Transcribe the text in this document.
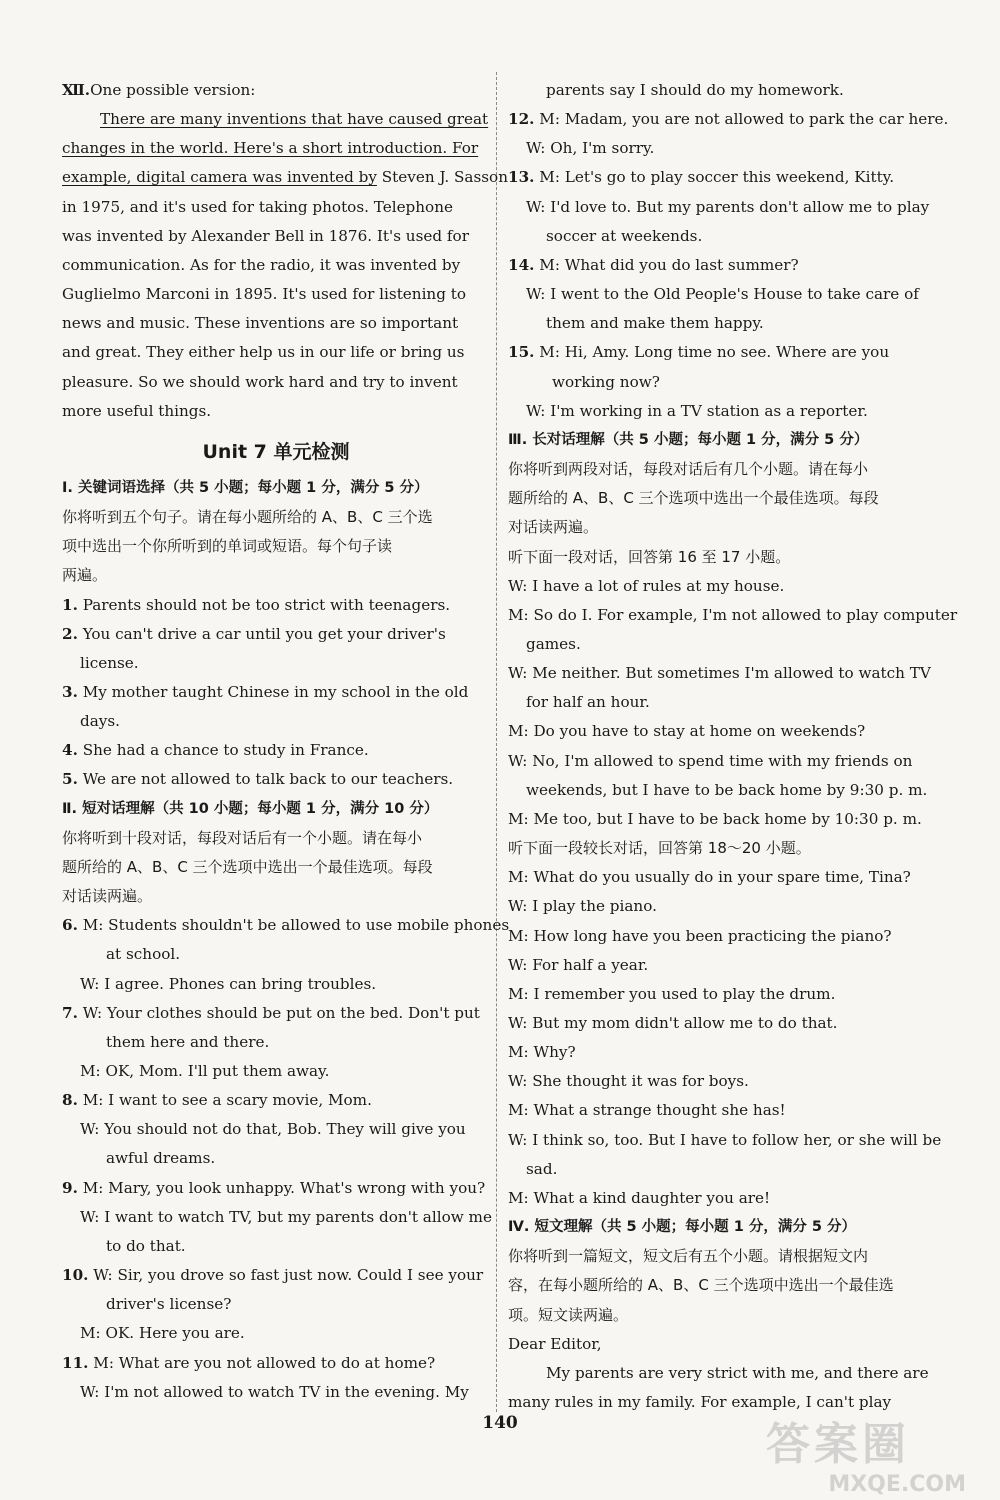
Ⅻ.One possible version:
There are many inventions that have caused great
changes in the world. Here's a short introduction. For
example, digital camera was invented by Steven J. Sasson
in 1975, and it's used for taking photos. Telephone
was invented by Alexander Bell in 1876. It's used for
communication. As for the radio, it was invented by
Guglielmo Marconi in 1895. It's used for listening to
news and music. These inventions are so important
and great. They either help us in our life or bring us
pleasure. So we should work hard and try to invent
more useful things.
Unit 7 单元检测
Ⅰ. 关键词语选择（共 5 小题；每小题 1 分，满分 5 分）
你将听到五个句子。请在每小题所给的 A、B、C 三个选
项中选出一个你所听到的单词或短语。每个句子读
两遍。
1. Parents should not be too strict with teenagers.
2. You can't drive a car until you get your driver's
license.
3. My mother taught Chinese in my school in the old
days.
4. She had a chance to study in France.
5. We are not allowed to talk back to our teachers.
Ⅱ. 短对话理解（共 10 小题；每小题 1 分，满分 10 分）
你将听到十段对话，每段对话后有一个小题。请在每小
题所给的 A、B、C 三个选项中选出一个最佳选项。每段
对话读两遍。
6. M: Students shouldn't be allowed to use mobile phones
at school.
W: I agree. Phones can bring troubles.
7. W: Your clothes should be put on the bed. Don't put
them here and there.
M: OK, Mom. I'll put them away.
8. M: I want to see a scary movie, Mom.
W: You should not do that, Bob. They will give you
awful dreams.
9. M: Mary, you look unhappy. What's wrong with you?
W: I want to watch TV, but my parents don't allow me
to do that.
10. W: Sir, you drove so fast just now. Could I see your
driver's license?
M: OK. Here you are.
11. M: What are you not allowed to do at home?
W: I'm not allowed to watch TV in the evening. My
parents say I should do my homework.
12. M: Madam, you are not allowed to park the car here.
W: Oh, I'm sorry.
13. M: Let's go to play soccer this weekend, Kitty.
W: I'd love to. But my parents don't allow me to play
soccer at weekends.
14. M: What did you do last summer?
W: I went to the Old People's House to take care of
them and make them happy.
15. M: Hi, Amy. Long time no see. Where are you
working now?
W: I'm working in a TV station as a reporter.
Ⅲ. 长对话理解（共 5 小题；每小题 1 分，满分 5 分）
你将听到两段对话，每段对话后有几个小题。请在每小
题所给的 A、B、C 三个选项中选出一个最佳选项。每段
对话读两遍。
听下面一段对话，回答第 16 至 17 小题。
W: I have a lot of rules at my house.
M: So do I. For example, I'm not allowed to play computer
games.
W: Me neither. But sometimes I'm allowed to watch TV
for half an hour.
M: Do you have to stay at home on weekends?
W: No, I'm allowed to spend time with my friends on
weekends, but I have to be back home by 9:30 p. m.
M: Me too, but I have to be back home by 10:30 p. m.
听下面一段较长对话，回答第 18～20 小题。
M: What do you usually do in your spare time, Tina?
W: I play the piano.
M: How long have you been practicing the piano?
W: For half a year.
M: I remember you used to play the drum.
W: But my mom didn't allow me to do that.
M: Why?
W: She thought it was for boys.
M: What a strange thought she has!
W: I think so, too. But I have to follow her, or she will be
sad.
M: What a kind daughter you are!
Ⅳ. 短文理解（共 5 小题；每小题 1 分，满分 5 分）
你将听到一篇短文，短文后有五个小题。请根据短文内
容，在每小题所给的 A、B、C 三个选项中选出一个最佳选
项。短文读两遍。
Dear Editor,
My parents are very strict with me, and there are
many rules in my family. For example, I can't play
140	答案圈
MXQE.COM
